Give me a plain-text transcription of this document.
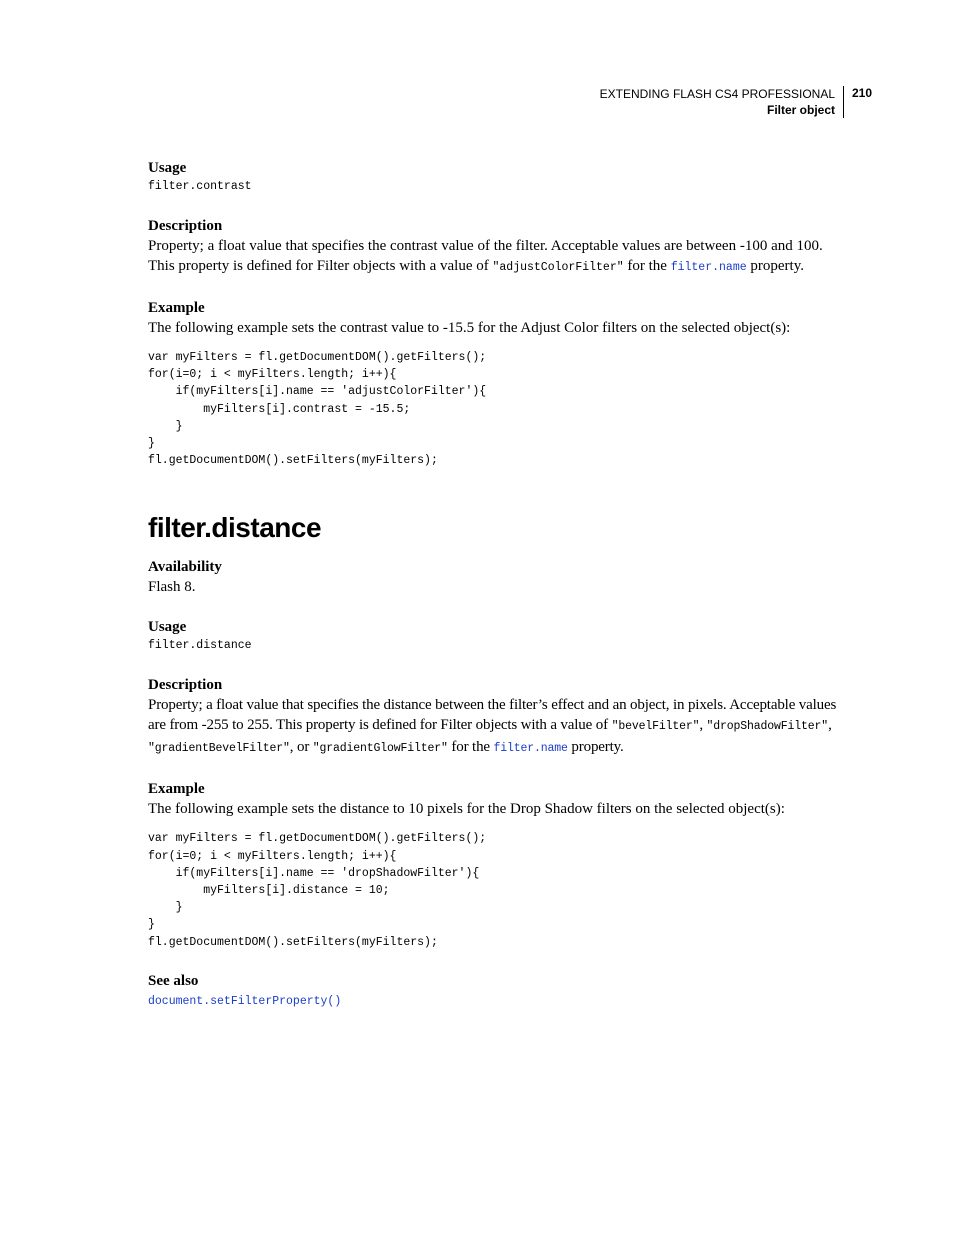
EXTENDING FLASH CS4 PROFESSIONAL
Filter object
210
Usage
filter.contrast
Description

Property; a float value that specifies the contrast value of the filter. Acceptable values are between -100 and 100. This property is defined for Filter objects with a value of "adjustColorFilter" for the filter.name property.

Example

The following example sets the contrast value to -15.5 for the Adjust Color filters on the selected object(s):

var myFilters = fl.getDocumentDOM().getFilters();
for(i=0; i < myFilters.length; i++){
if(myFilters[i].name == 'adjustColorFilter'){
myFilters[i].contrast = -15.5;
}
}
fl.getDocumentDOM().setFilters(myFilters);
filter.distance
Availability

Flash 8.

Usage
filter.distance
Description

Property; a float value that specifies the distance between the filter’s effect and an object, in pixels. Acceptable values are from -255 to 255. This property is defined for Filter objects with a value of "bevelFilter", "dropShadowFilter", "gradientBevelFilter", or "gradientGlowFilter" for the filter.name property.

Example

The following example sets the distance to 10 pixels for the Drop Shadow filters on the selected object(s):

var myFilters = fl.getDocumentDOM().getFilters();
for(i=0; i < myFilters.length; i++){
if(myFilters[i].name == 'dropShadowFilter'){
myFilters[i].distance = 10;
}
}
fl.getDocumentDOM().setFilters(myFilters);
See also
document.setFilterProperty()
